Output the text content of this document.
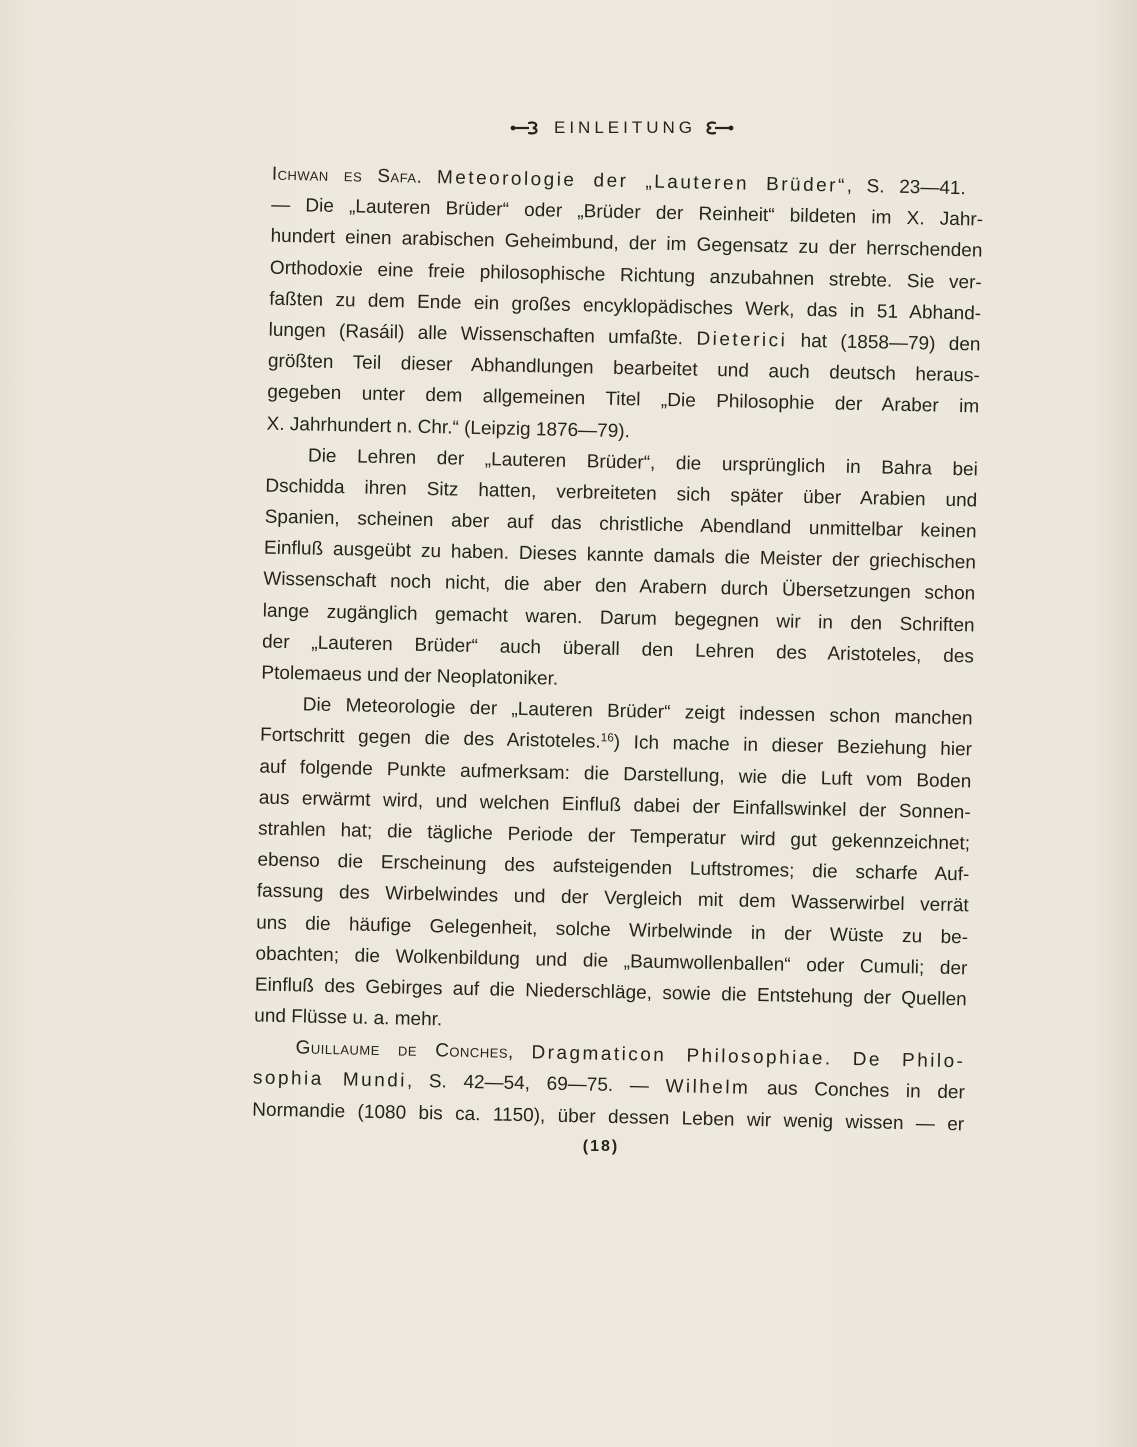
EINLEITUNG
Ichwan es Safa. Meteorologie der „Lauteren Brüder“, S. 23—41.
— Die „Lauteren Brüder“ oder „Brüder der Reinheit“ bildeten im X. Jahr-
hundert einen arabischen Geheimbund, der im Gegensatz zu der herrschenden
Orthodoxie eine freie philosophische Richtung anzubahnen strebte. Sie ver-
faßten zu dem Ende ein großes encyklopädisches Werk, das in 51 Abhand-
lungen (Rasáil) alle Wissenschaften umfaßte. Dieterici hat (1858—79) den
größten Teil dieser Abhandlungen bearbeitet und auch deutsch heraus-
gegeben unter dem allgemeinen Titel „Die Philosophie der Araber im
X. Jahrhundert n. Chr.“ (Leipzig 1876—79).
Die Lehren der „Lauteren Brüder“, die ursprünglich in Bahra bei
Dschidda ihren Sitz hatten, verbreiteten sich später über Arabien und
Spanien, scheinen aber auf das christliche Abendland unmittelbar keinen
Einfluß ausgeübt zu haben. Dieses kannte damals die Meister der griechischen
Wissenschaft noch nicht, die aber den Arabern durch Übersetzungen schon
lange zugänglich gemacht waren. Darum begegnen wir in den Schriften
der „Lauteren Brüder“ auch überall den Lehren des Aristoteles, des
Ptolemaeus und der Neoplatoniker.
Die Meteorologie der „Lauteren Brüder“ zeigt indessen schon manchen
Fortschritt gegen die des Aristoteles.$^{16}$) Ich mache in dieser Beziehung hier
auf folgende Punkte aufmerksam: die Darstellung, wie die Luft vom Boden
aus erwärmt wird, und welchen Einfluß dabei der Einfallswinkel der Sonnen-
strahlen hat; die tägliche Periode der Temperatur wird gut gekennzeichnet;
ebenso die Erscheinung des aufsteigenden Luftstromes; die scharfe Auf-
fassung des Wirbelwindes und der Vergleich mit dem Wasserwirbel verrät
uns die häufige Gelegenheit, solche Wirbelwinde in der Wüste zu be-
obachten; die Wolkenbildung und die „Baumwollenballen“ oder Cumuli; der
Einfluß des Gebirges auf die Niederschläge, sowie die Entstehung der Quellen
und Flüsse u. a. mehr.
Guillaume de Conches, Dragmaticon Philosophiae. De Philo-
sophia Mundi, S. 42—54, 69—75. — Wilhelm aus Conches in der
Normandie (1080 bis ca. 1150), über dessen Leben wir wenig wissen — er
(18)
